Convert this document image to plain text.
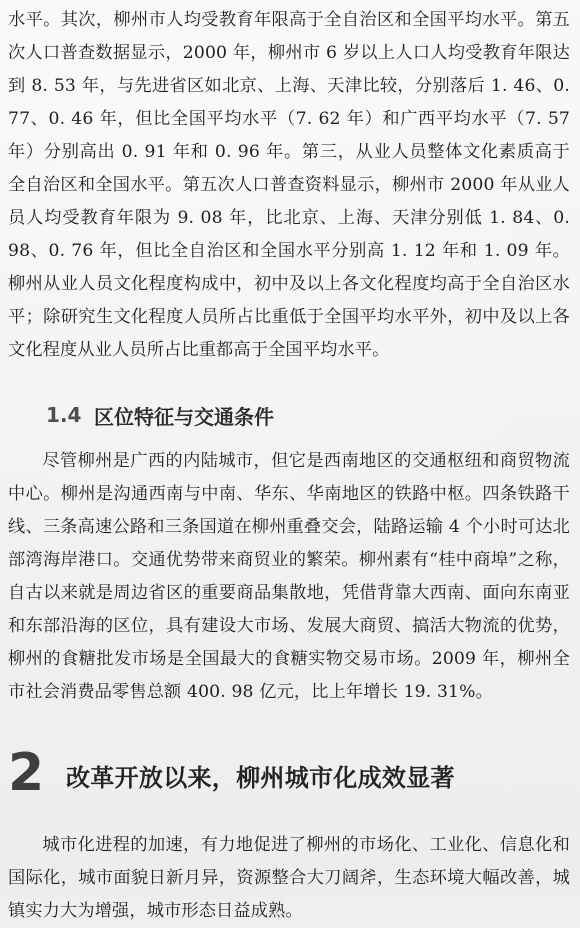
水平。其次，柳州市人均受教育年限高于全自治区和全国平均水平。第五次人口普查数据显示，2000 年，柳州市 6 岁以上人口人均受教育年限达到 8. 53 年，与先进省区如北京、上海、天津比较，分别落后 1. 46、0. 77、0. 46 年，但比全国平均水平（7. 62 年）和广西平均水平（7. 57 年）分别高出 0. 91 年和 0. 96 年。第三，从业人员整体文化素质高于全自治区和全国水平。第五次人口普查资料显示，柳州市 2000 年从业人员人均受教育年限为 9. 08 年，比北京、上海、天津分别低 1. 84、0. 98、0. 76 年，但比全自治区和全国水平分别高 1. 12 年和 1. 09 年。柳州从业人员文化程度构成中，初中及以上各文化程度均高于全自治区水平；除研究生文化程度人员所占比重低于全国平均水平外，初中及以上各文化程度从业人员所占比重都高于全国平均水平。

1.4 区位特征与交通条件

尽管柳州是广西的内陆城市，但它是西南地区的交通枢纽和商贸物流中心。柳州是沟通西南与中南、华东、华南地区的铁路中枢。四条铁路干线、三条高速公路和三条国道在柳州重叠交会，陆路运输 4 个小时可达北部湾海岸港口。交通优势带来商贸业的繁荣。柳州素有“桂中商埠”之称，自古以来就是周边省区的重要商品集散地，凭借背靠大西南、面向东南亚和东部沿海的区位，具有建设大市场、发展大商贸、搞活大物流的优势，柳州的食糖批发市场是全国最大的食糖实物交易市场。2009 年，柳州全市社会消费品零售总额 400. 98 亿元，比上年增长 19. 31%。

2 改革开放以来，柳州城市化成效显著

城市化进程的加速，有力地促进了柳州的市场化、工业化、信息化和国际化，城市面貌日新月异，资源整合大刀阔斧，生态环境大幅改善，城镇实力大为增强，城市形态日益成熟。
